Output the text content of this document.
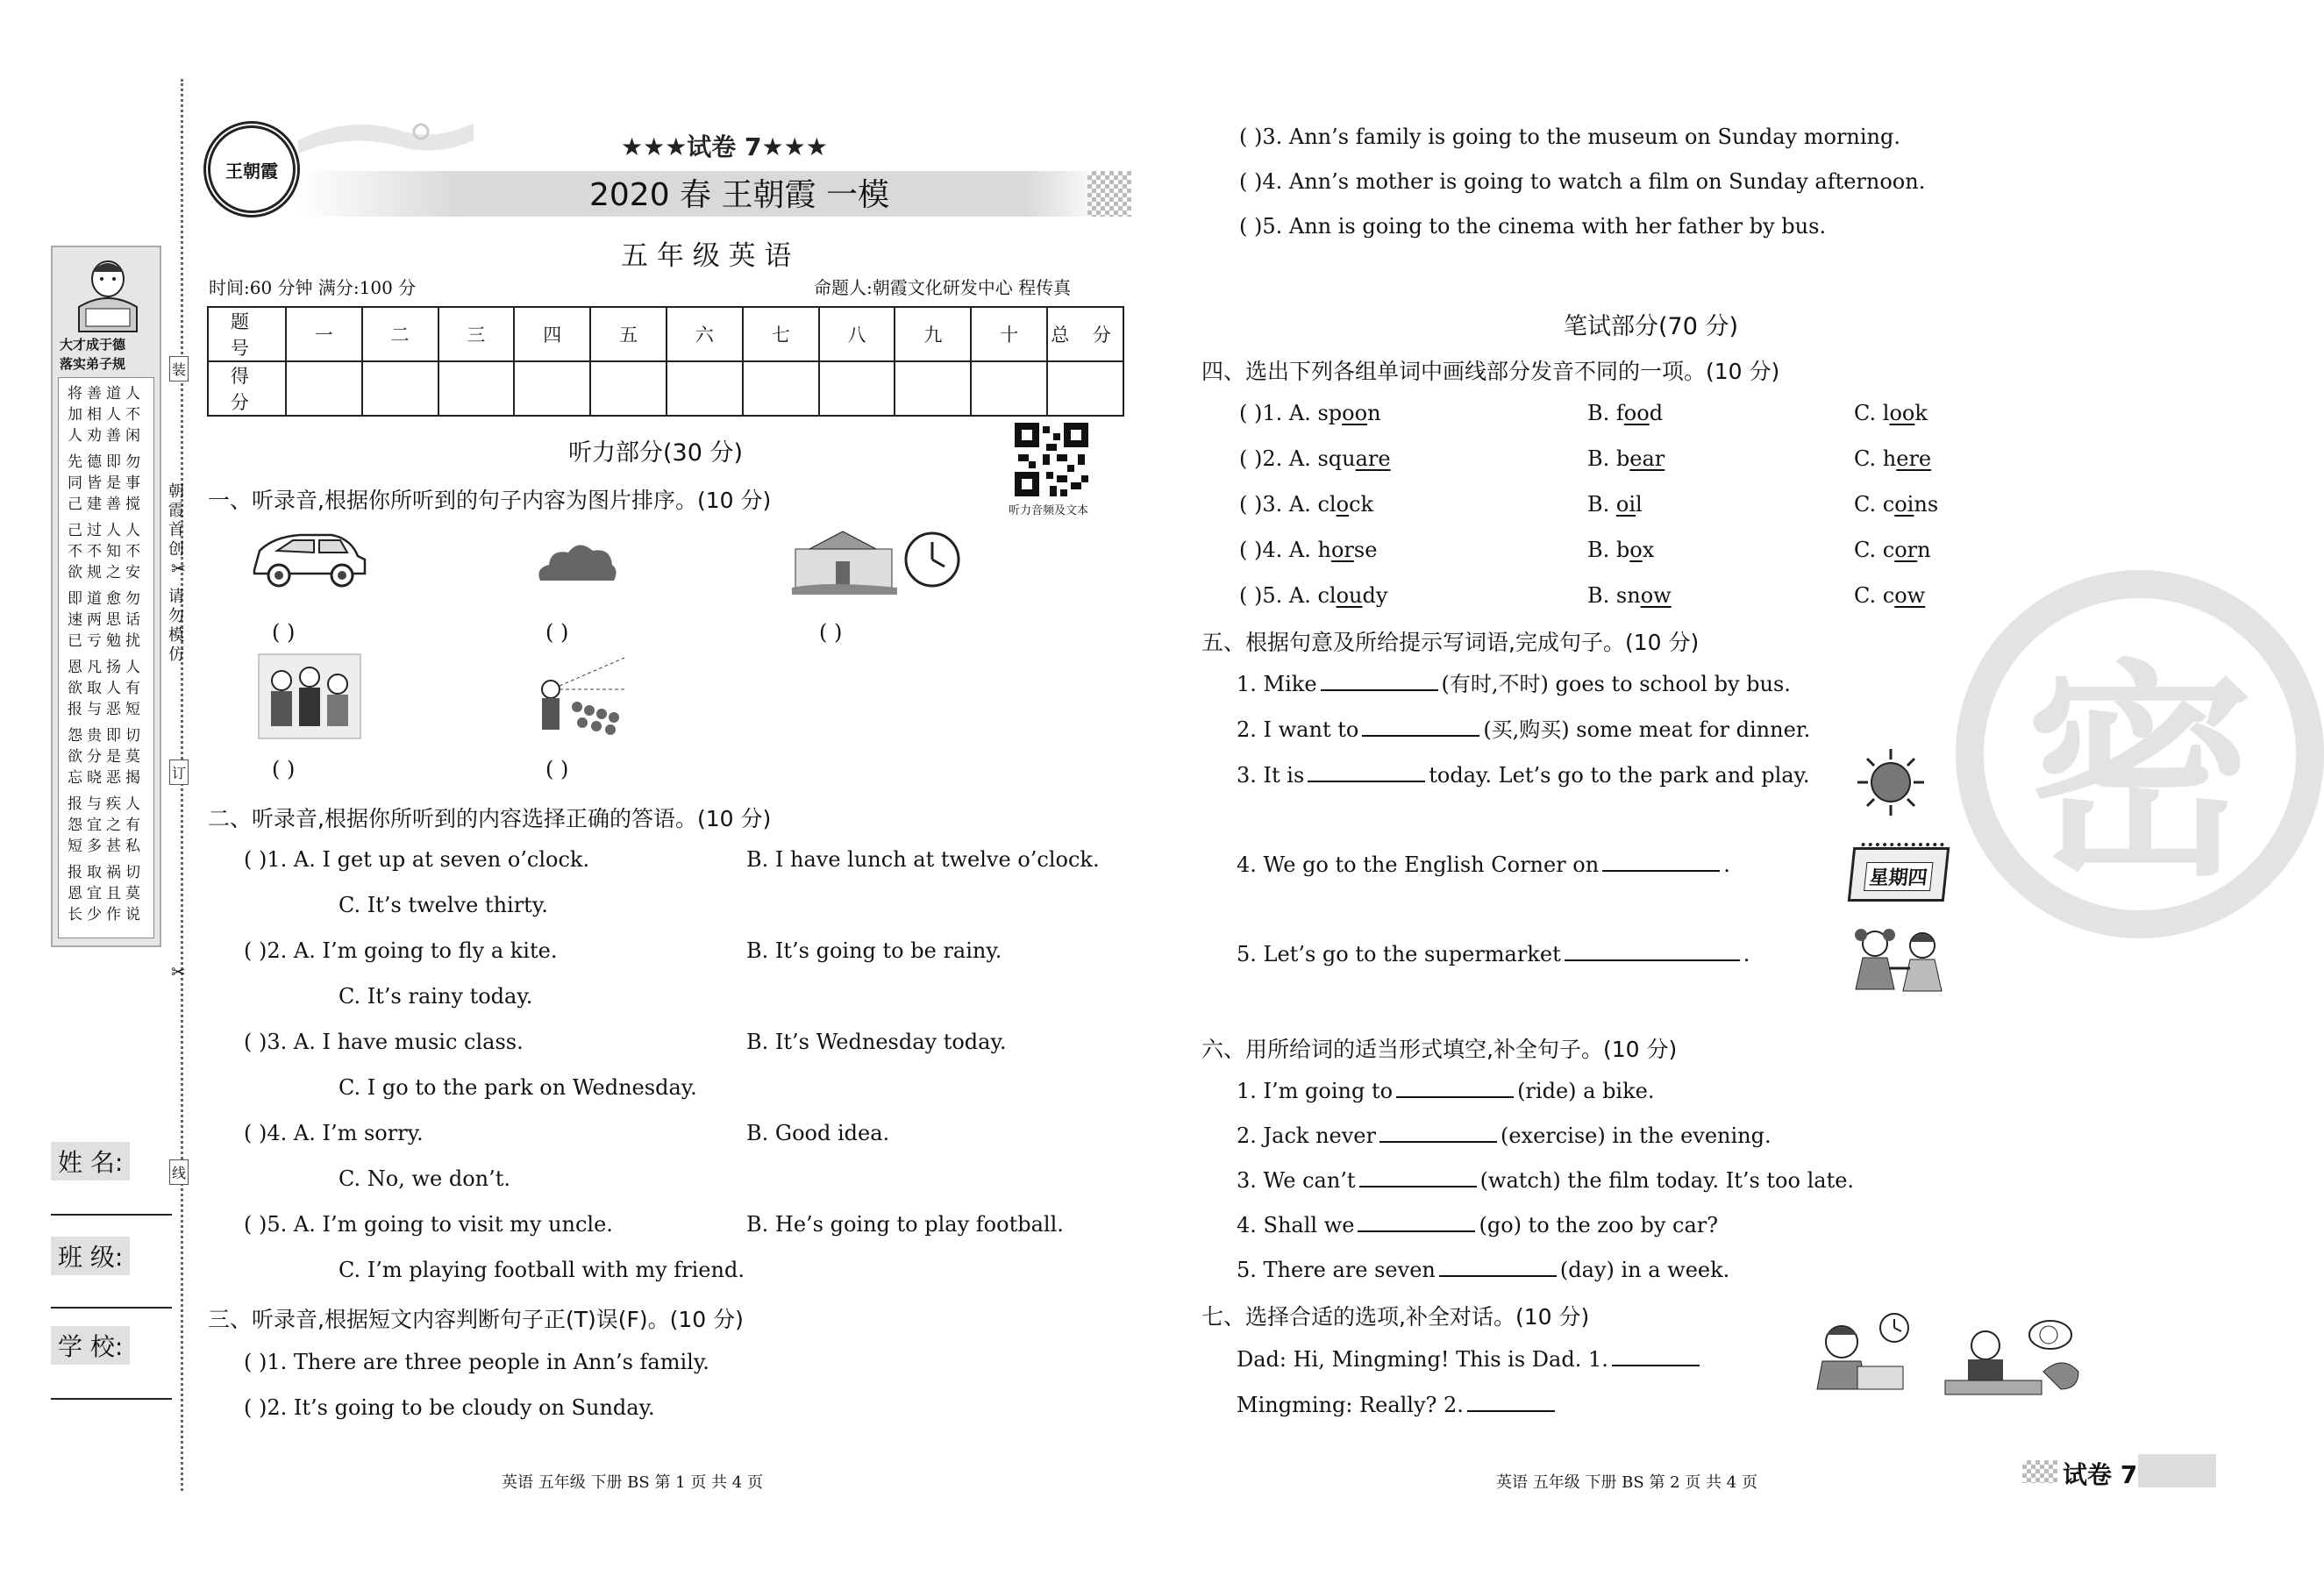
装
订
线
✂
✂
朝霞首创
请勿模仿
大才成于德
落实弟子规
将善道人
加相人不
人劝善闲
先德即勿
同皆是事
己建善搅
己过人人
不不知不
欲规之安
即道愈勿
速两思话
已亏勉扰
恩凡扬人
欲取人有
报与恶短
怨贵即切
欲分是莫
忘晓恶揭
报与疾人
怨宜之有
短多甚私
报取祸切
恩宜且莫
长少作说
姓 名:
班 级:
学 校:
王朝霞
★★★试卷 7★★★
2020 春 王朝霞 一模
五 年 级 英 语
时间:60 分钟 满分:100 分	命题人:朝霞文化研发中心 程传真
题 号	一	二	三	四	五	六	七	八	九	十	总 分
得 分											
听力部分(30 分)
听力音频及文本
一、听录音,根据你所听到的句子内容为图片排序。(10 分)
( )	( )	( )
( )	( )
二、听录音,根据你所听到的内容选择正确的答语。(10 分)
( )1. A. I get up at seven o’clock.	B. I have lunch at twelve o’clock.
C. It’s twelve thirty.
( )2. A. I’m going to fly a kite.	B. It’s going to be rainy.
C. It’s rainy today.
( )3. A. I have music class.	B. It’s Wednesday today.
C. I go to the park on Wednesday.
( )4. A. I’m sorry.	B. Good idea.
C. No, we don’t.
( )5. A. I’m going to visit my uncle.	B. He’s going to play football.
C. I’m playing football with my friend.
三、听录音,根据短文内容判断句子正(T)误(F)。(10 分)
( )1. There are three people in Ann’s family.
( )2. It’s going to be cloudy on Sunday.
英语 五年级 下册 BS 第 1 页 共 4 页
( )3. Ann’s family is going to the museum on Sunday morning.
( )4. Ann’s mother is going to watch a film on Sunday afternoon.
( )5. Ann is going to the cinema with her father by bus.
密
笔试部分(70 分)
四、选出下列各组单词中画线部分发音不同的一项。(10 分)
( )1. A. spoon	B. food	C. look
( )2. A. square	B. bear	C. here
( )3. A. clock	B. oil	C. coins
( )4. A. horse	B. box	C. corn
( )5. A. cloudy	B. snow	C. cow
五、根据句意及所给提示写词语,完成句子。(10 分)
1. Mike	(有时,不时) goes to school by bus.
2. I want to	(买,购买) some meat for dinner.
3. It is	today. Let’s go to the park and play.
4. We go to the English Corner on	.
5. Let’s go to the supermarket	.
星期四
六、用所给词的适当形式填空,补全句子。(10 分)
1. I’m going to	(ride) a bike.
2. Jack never	(exercise) in the evening.
3. We can’t	(watch) the film today. It’s too late.
4. Shall we	(go) to the zoo by car?
5. There are seven	(day) in a week.
七、选择合适的选项,补全对话。(10 分)
Dad: Hi, Mingming! This is Dad. 1.
Mingming: Really? 2.
英语 五年级 下册 BS 第 2 页 共 4 页	试卷 7
